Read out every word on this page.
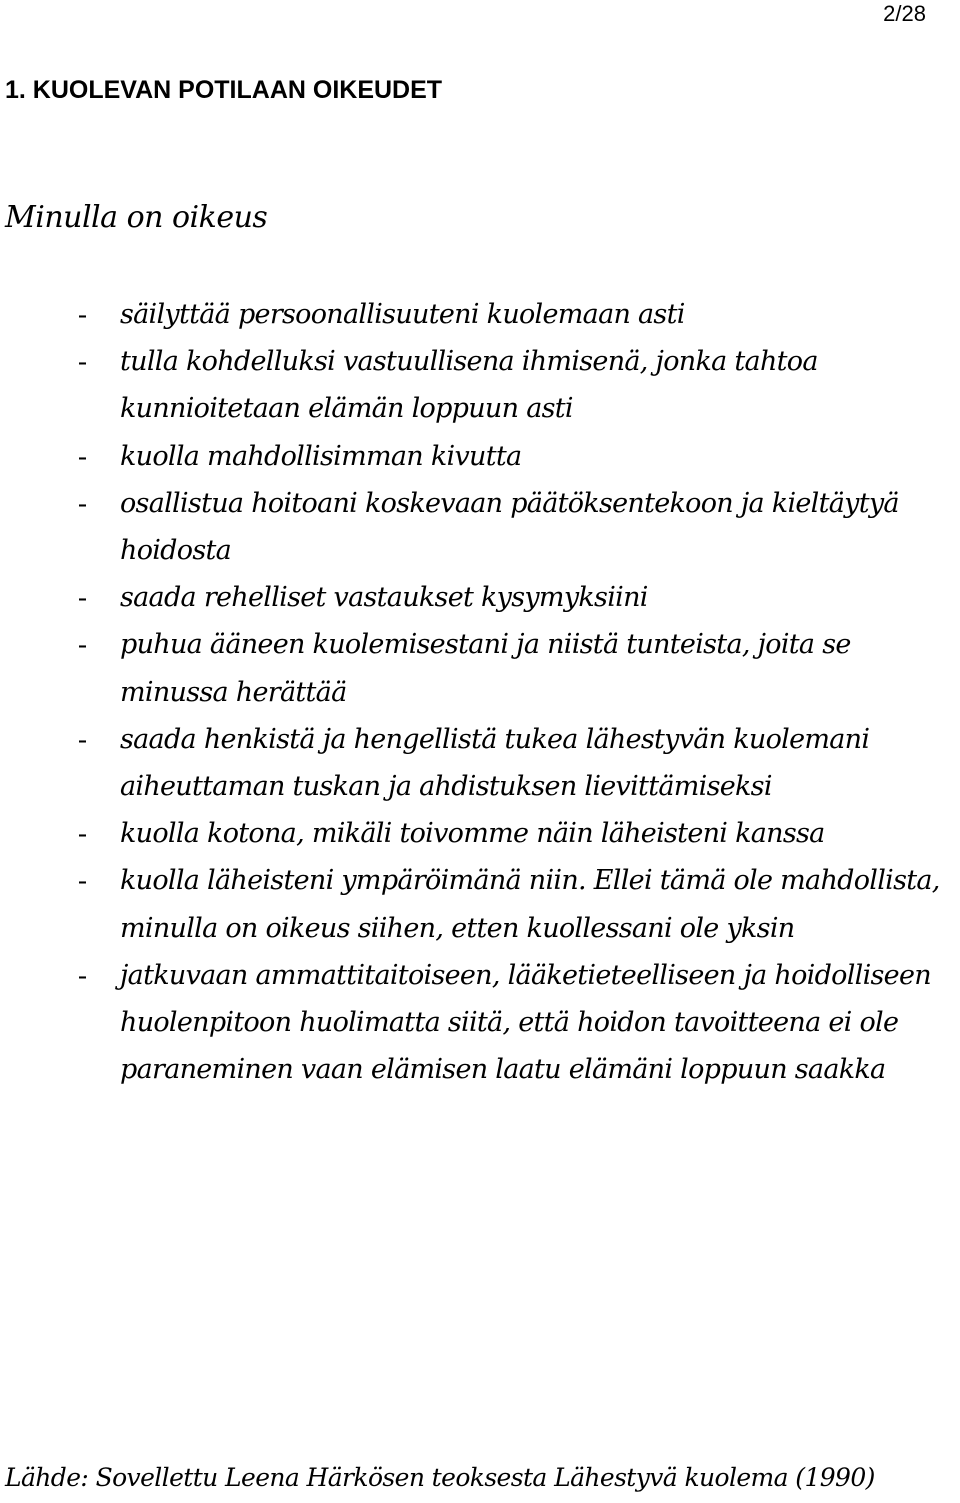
2/28
1. KUOLEVAN POTILAAN OIKEUDET

Minulla on oikeus

- säilyttää persoonallisuuteni kuolemaan asti
- tulla kohdelluksi vastuullisena ihmisenä, jonka tahtoa kunnioitetaan elämän loppuun asti
- kuolla mahdollisimman kivutta
- osallistua hoitoani koskevaan päätöksentekoon ja kieltäytyä hoidosta
- saada rehelliset vastaukset kysymyksiini
- puhua ääneen kuolemisestani ja niistä tunteista, joita se minussa herättää
- saada henkistä ja hengellistä tukea lähestyvän kuolemani aiheuttaman tuskan ja ahdistuksen lievittämiseksi
- kuolla kotona, mikäli toivomme näin läheisteni kanssa
- kuolla läheisteni ympäröimänä niin. Ellei tämä ole mahdollista, minulla on oikeus siihen, etten kuollessani ole yksin
- jatkuvaan ammattitaitoiseen, lääketieteelliseen ja hoidolliseen huolenpitoon huolimatta siitä, että hoidon tavoitteena ei ole paraneminen vaan elämisen laatu elämäni loppuun saakka

Lähde: Sovellettu Leena Härkösen teoksesta Lähestyvä kuolema (1990)
